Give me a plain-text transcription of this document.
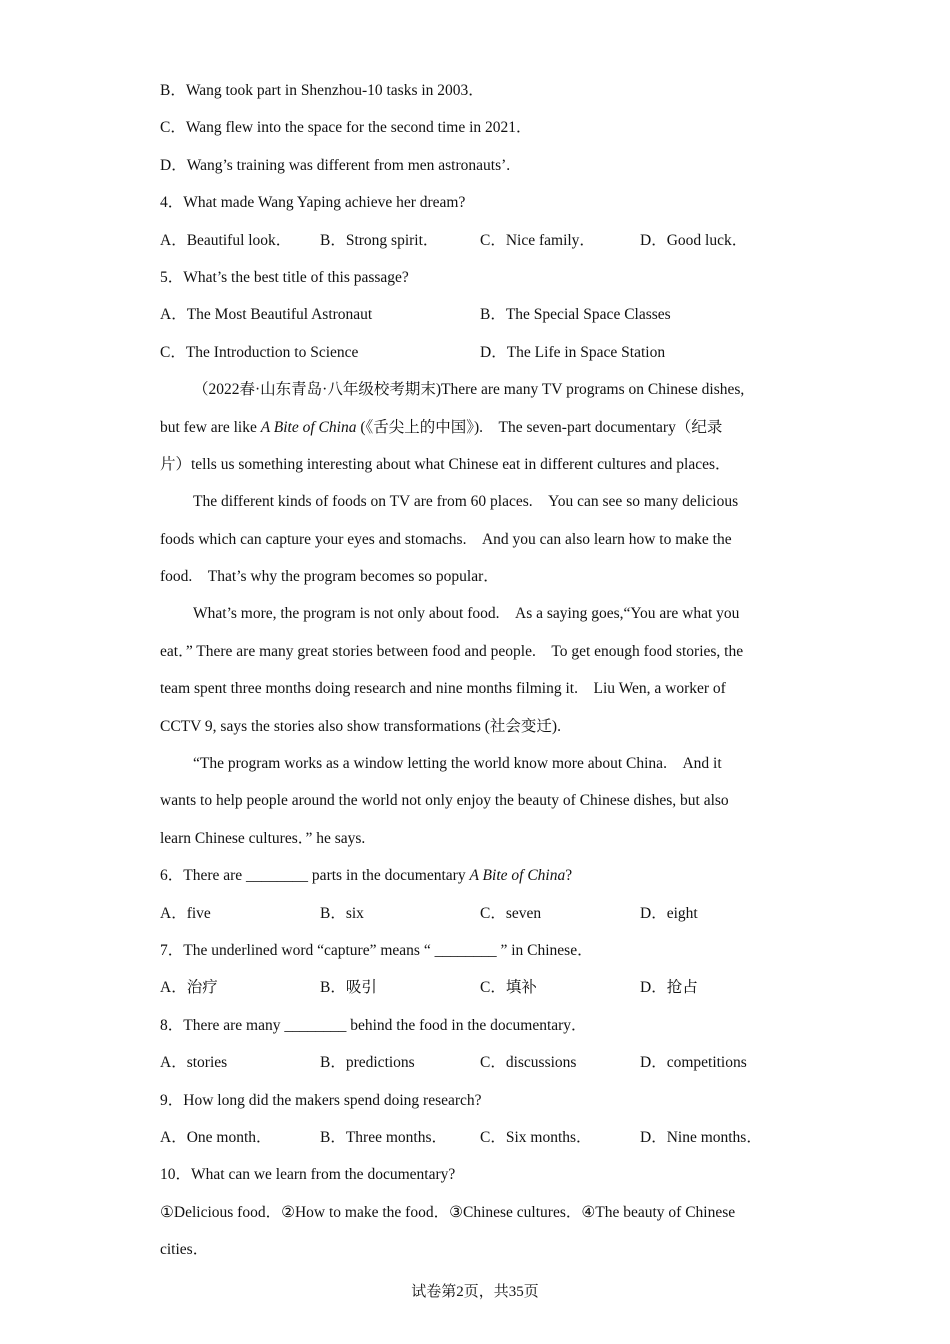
B．Wang took part in Shenzhou-10 tasks in 2003．
C．Wang flew into the space for the second time in 2021．
D．Wang’s training was different from men astronauts’.
4．What made Wang Yaping achieve her dream?
A．Beautiful look．	B．Strong spirit．	C．Nice family．	D．Good luck．
5．What’s the best title of this passage?
A．The Most Beautiful Astronaut	B．The Special Space Classes
C．The Introduction to Science	D．The Life in Space Station
（2022春·山东青岛·八年级校考期末)There are many TV programs on Chinese dishes,
but few are like A Bite of China (《舌尖上的中国》).　The seven-part documentary（纪录
片）tells us something interesting about what Chinese eat in different cultures and places．
The different kinds of foods on TV are from 60 places.　You can see so many delicious
foods which can capture your eyes and stomachs.　And you can also learn how to make the
food.　That’s why the program becomes so popular．
What’s more, the program is not only about food.　As a saying goes,“You are what you
eat．” There are many great stories between food and people.　To get enough food stories, the
team spent three months doing research and nine months filming it.　Liu Wen, a worker of
CCTV 9, says the stories also show transformations (社会变迁).
“The program works as a window letting the world know more about China.　And it
wants to help people around the world not only enjoy the beauty of Chinese dishes, but also
learn Chinese cultures．” he says.
6．There are ________ parts in the documentary A Bite of China?
A．five	B．six	C．seven	D．eight
7．The underlined word “capture” means “ ________ ” in Chinese．
A．治疗	B．吸引	C．填补	D．抢占
8．There are many ________ behind the food in the documentary．
A．stories	B．predictions	C．discussions	D．competitions
9．How long did the makers spend doing research?
A．One month．	B．Three months．	C．Six months．	D．Nine months．
10．What can we learn from the documentary?
①Delicious food．②How to make the food．③Chinese cultures．④The beauty of Chinese
cities．
试卷第2页，共35页
